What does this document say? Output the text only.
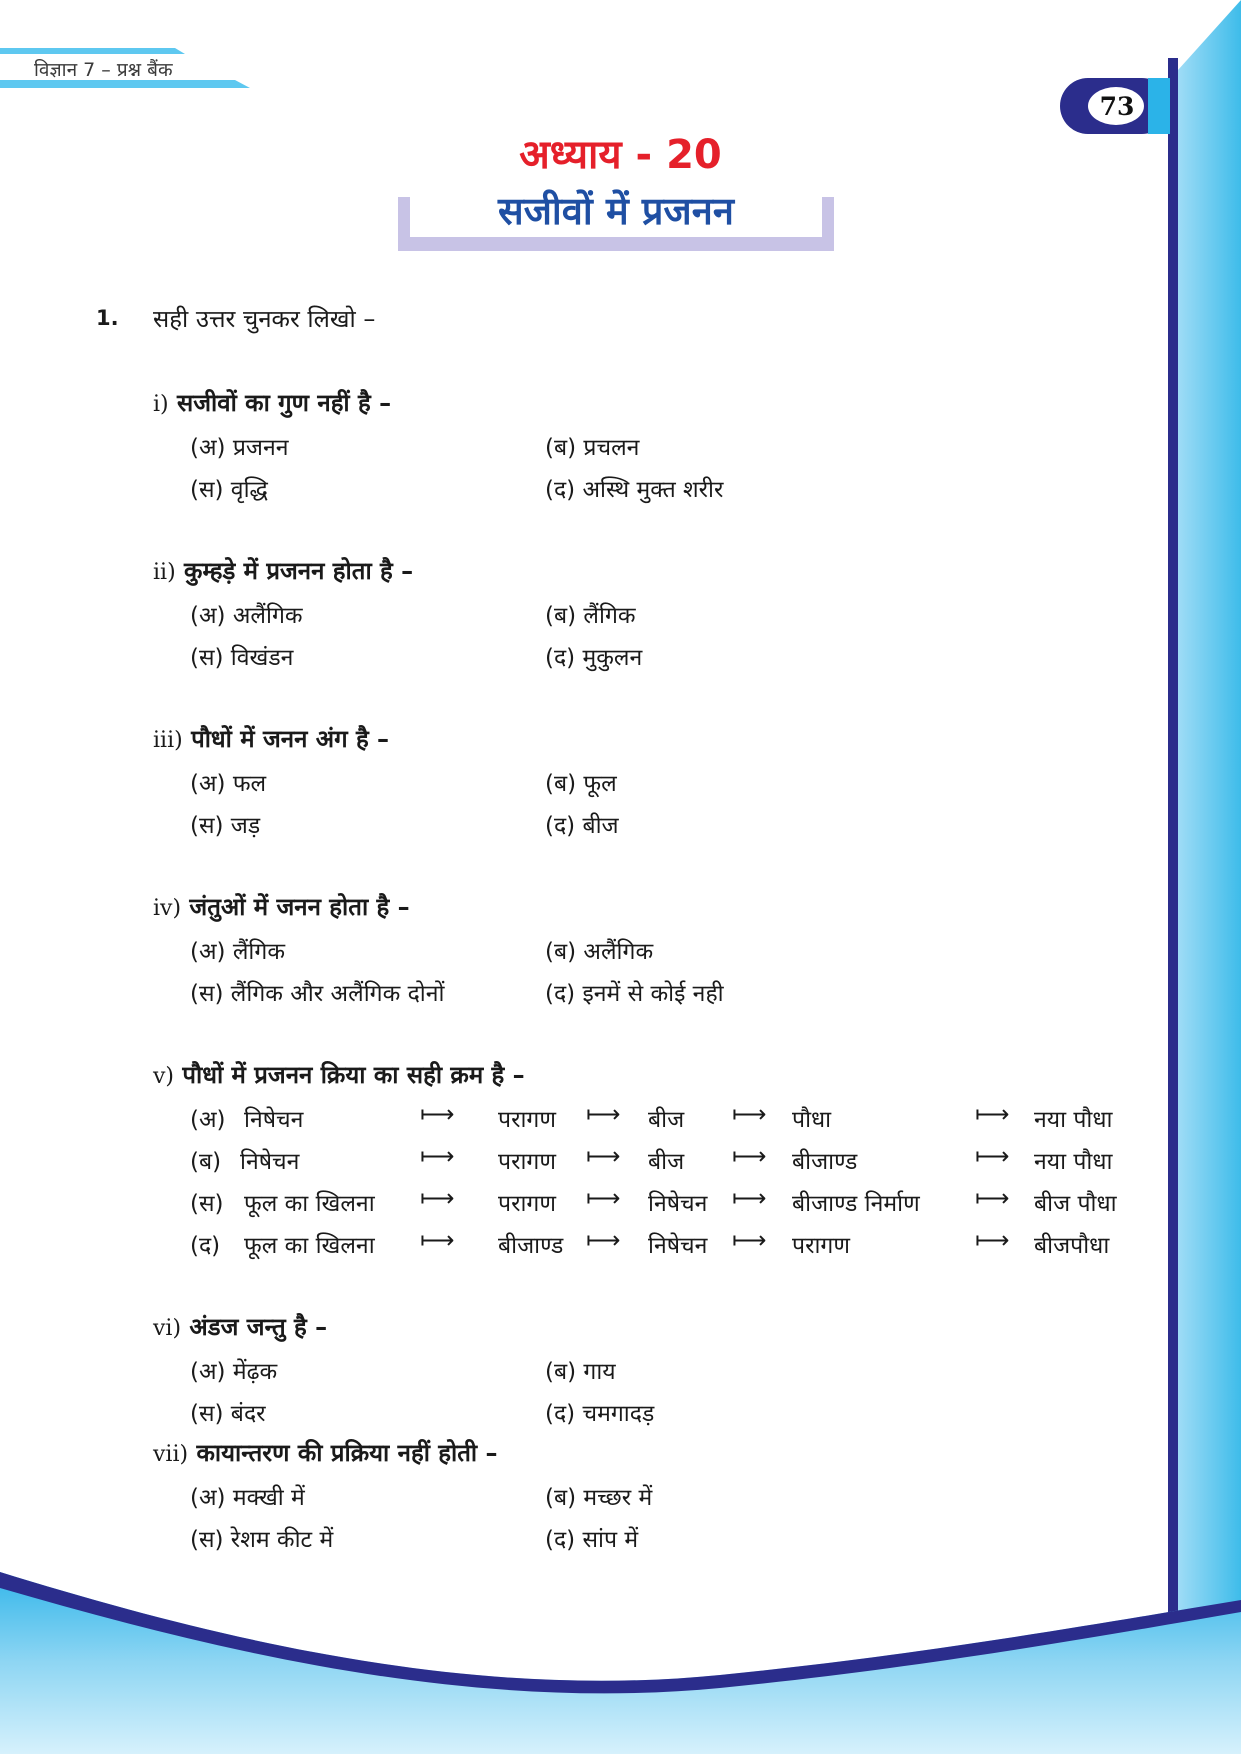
विज्ञान 7 – प्रश्न बैंक
73
अध्याय - 20
सजीवों में प्रजनन
1. सही उत्तर चुनकर लिखो –
i) सजीवों का गुण नहीं है –
(अ) प्रजनन	(ब) प्रचलन
(स) वृद्धि	(द) अस्थि मुक्त शरीर
ii) कुम्हड़े में प्रजनन होता है –
(अ) अलैंगिक	(ब) लैंगिक
(स) विखंडन	(द) मुकुलन
iii) पौधों में जनन अंग है –
(अ) फल	(ब) फूल
(स) जड़	(द) बीज
iv) जंतुओं में जनन होता है –
(अ) लैंगिक	(ब) अलैंगिक
(स) लैंगिक और अलैंगिक दोनों	(द) इनमें से कोई नही
v) पौधों में प्रजनन क्रिया का सही क्रम है –
(अ) निषेचन	⟼ परागण ⟼ बीज ⟼ पौधा	⟼ नया पौधा
(ब) निषेचन	⟼ परागण ⟼ बीज ⟼ बीजाण्ड	⟼ नया पौधा
(स) फूल का खिलना ⟼ परागण ⟼ निषेचन ⟼ बीजाण्ड निर्माण ⟼ बीज पौधा
(द) फूल का खिलना ⟼ बीजाण्ड ⟼ निषेचन ⟼ परागण	⟼ बीजपौधा
vi) अंडज जन्तु है –
(अ) मेंढ़क	(ब) गाय
(स) बंदर	(द) चमगादड़
vii) कायान्तरण की प्रक्रिया नहीं होती –
(अ) मक्खी में	(ब) मच्छर में
(स) रेशम कीट में	(द) सांप में
